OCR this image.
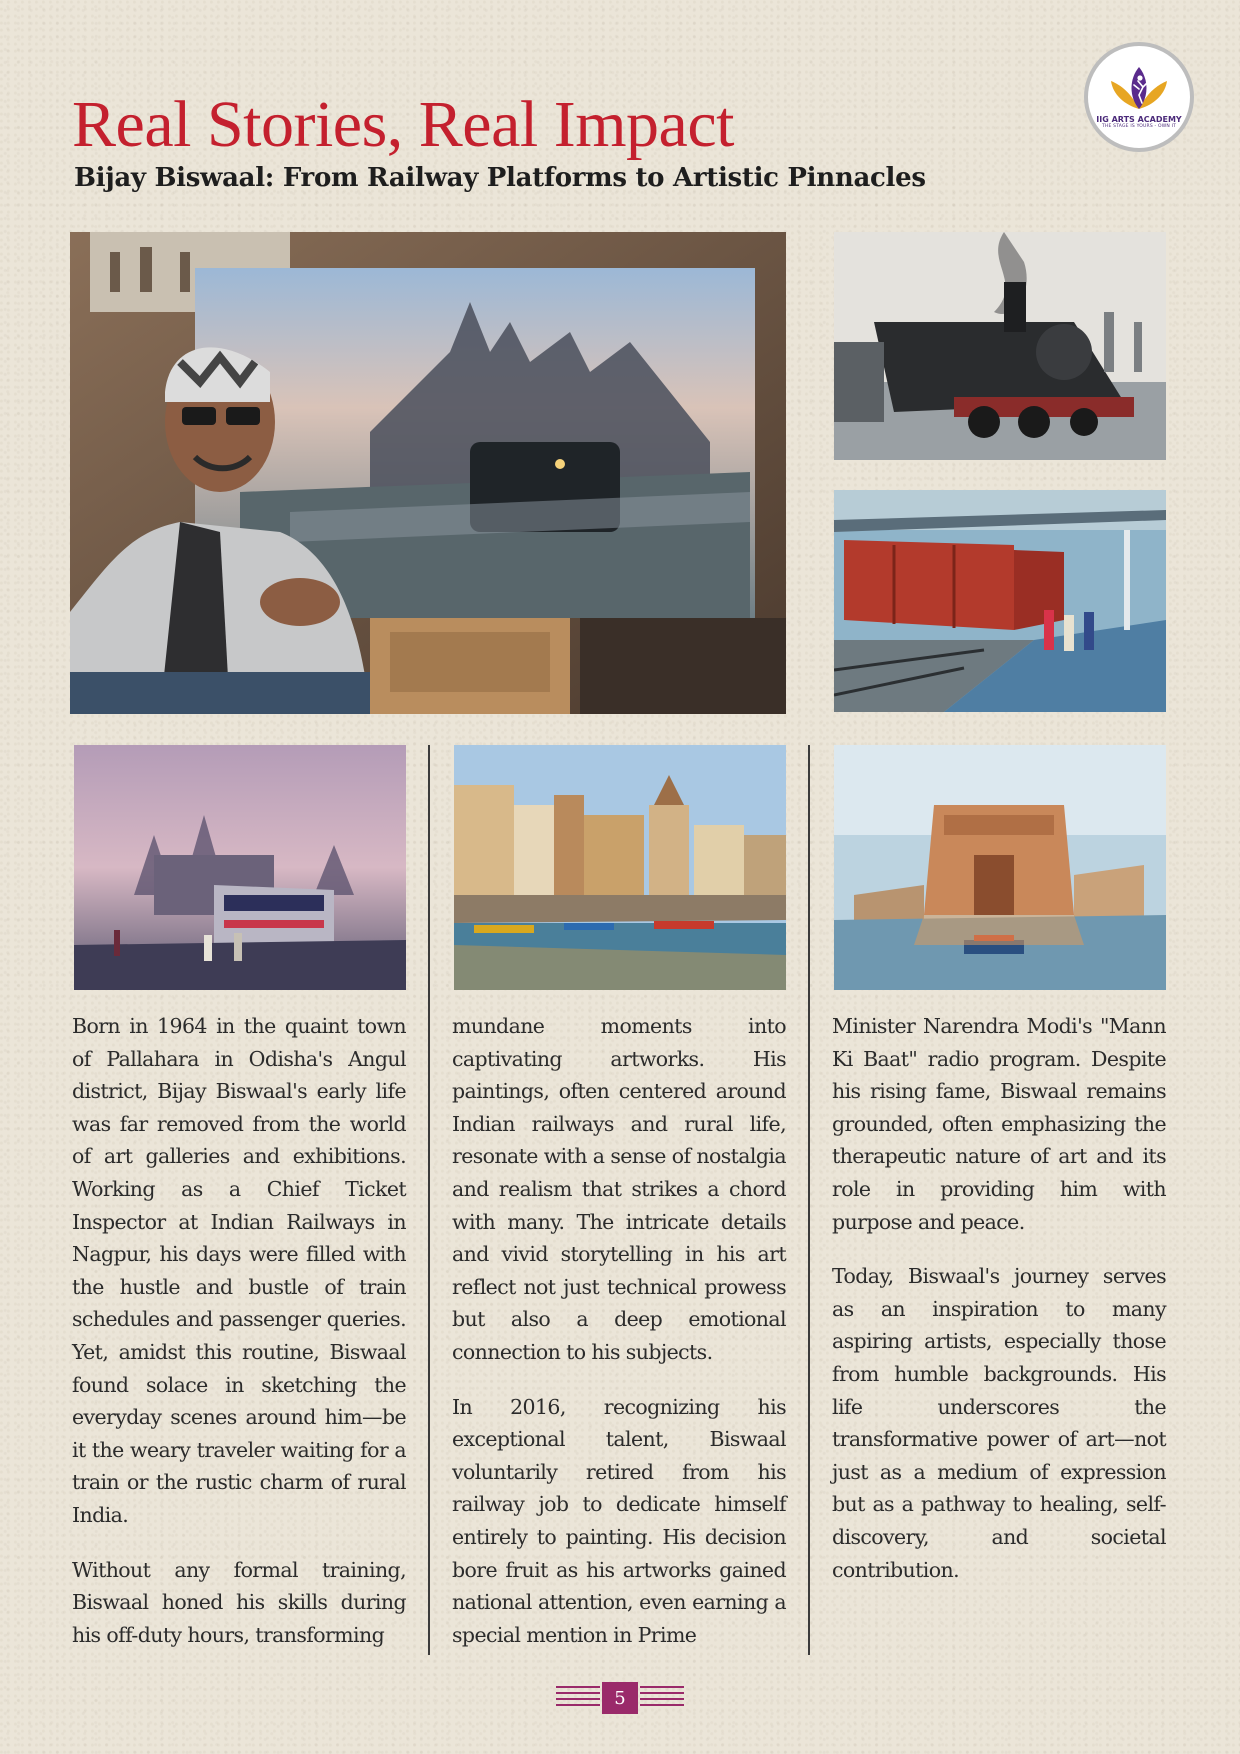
Real Stories, Real Impact
Bijay Biswaal: From Railway Platforms to Artistic Pinnacles
IIG ARTS ACADEMY
THE STAGE IS YOURS - OWN IT

Born in 1964 in the quaint town of Pallahara in Odisha's Angul district, Bijay Biswaal's early life was far removed from the world of art galleries and exhibitions. Working as a Chief Ticket Inspector at Indian Railways in Nagpur, his days were filled with the hustle and bustle of train schedules and passenger queries. Yet, amidst this routine, Biswaal found solace in sketching the everyday scenes around him—be it the weary traveler waiting for a train or the rustic charm of rural India.

Without any formal training, Biswaal honed his skills during his off-duty hours, transforming

mundane moments into captivating artworks. His paintings, often centered around Indian railways and rural life, resonate with a sense of nostalgia and realism that strikes a chord with many. The intricate details and vivid storytelling in his art reflect not just technical prowess but also a deep emotional connection to his subjects.

In 2016, recognizing his exceptional talent, Biswaal voluntarily retired from his railway job to dedicate himself entirely to painting. His decision bore fruit as his artworks gained national attention, even earning a special mention in Prime

Minister Narendra Modi's "Mann Ki Baat" radio program. Despite his rising fame, Biswaal remains grounded, often emphasizing the therapeutic nature of art and its role in providing him with purpose and peace.

Today, Biswaal's journey serves as an inspiration to many aspiring artists, especially those from humble backgrounds. His life underscores the transformative power of art—not just as a medium of expression but as a pathway to healing, self-discovery, and societal contribution.

5
